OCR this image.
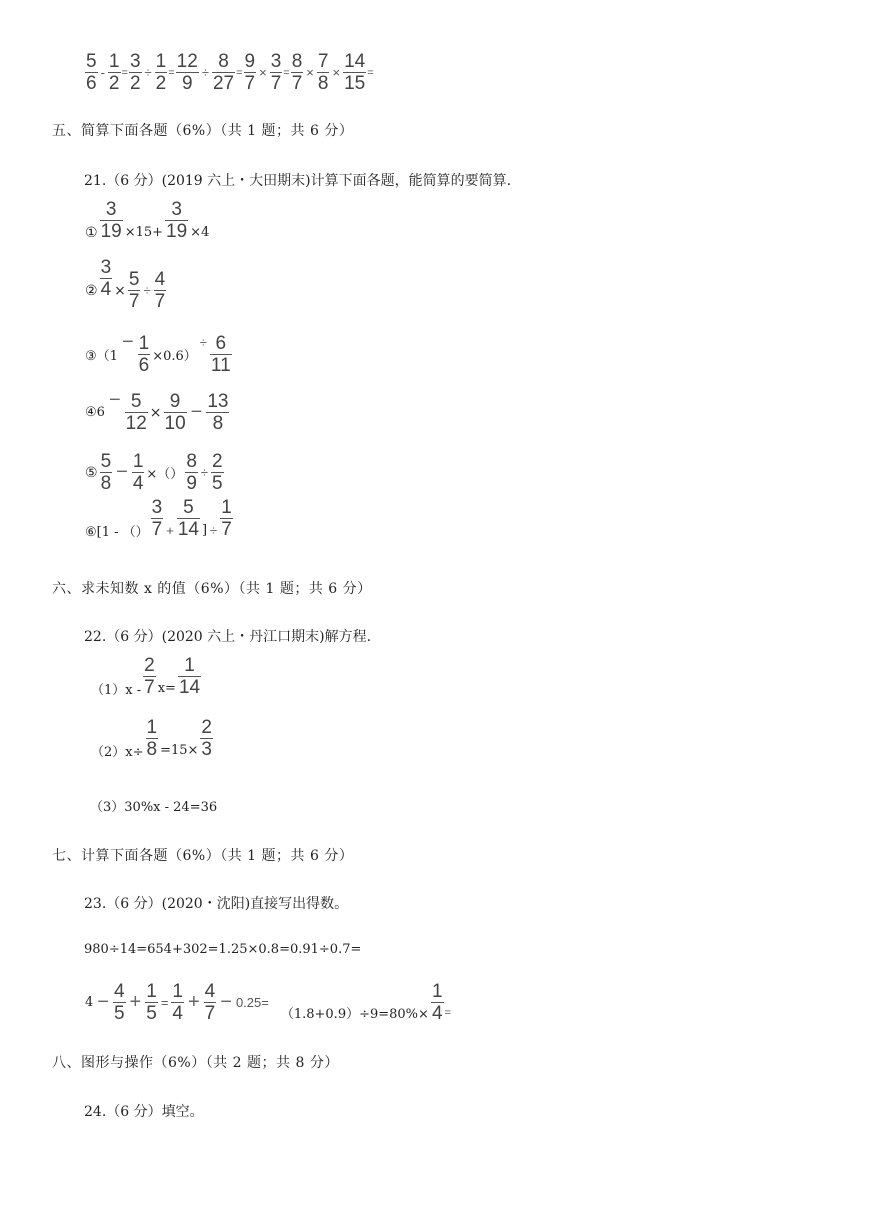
$\frac{5}{6} - \frac{1}{2} = \frac{3}{2} \div \frac{1}{2} = \frac{12}{9} \div \frac{8}{27} = \frac{9}{7} \times \frac{3}{7} = \frac{8}{7} \times \frac{7}{8} \times \frac{14}{15}$ =
五、简算下面各题（6%）（共 1 题；共 6 分）
21.（6 分）(2019 六上・大田期末)计算下面各题，能简算的要简算.
① $\frac{3}{19} \times 15+ \frac{3}{19} \times 4$
② $\frac{3}{4} \times \frac{5}{7} \div \frac{4}{7}$
③（1
− $\frac{1}{6} \times 0.6$）
÷ $\frac{6}{11}$
④6
− $\frac{5}{12} \times \frac{9}{10} - \frac{13}{8}$
⑤ $\frac{5}{8} - \frac{1}{4}$ ×（） $\frac{8}{9} \div \frac{2}{5}$
⑥[1 - （） $\frac{3}{7} + \frac{5}{14}$ ] ÷ $\frac{1}{7}$
六、求未知数 x 的值（6%）（共 1 题；共 6 分）
22.（6 分）(2020 六上・丹江口期末)解方程.
$(1)x - \frac{2}{7} x= \frac{1}{14}$
$(2)x\div \frac{1}{8} =15\times \frac{2}{3}$
（3）30%x - 24=36
七、计算下面各题（6%）（共 1 题；共 6 分）
23.（6 分）(2020・沈阳)直接写出得数。
980÷14=654+302=1.25×0.8=0.91÷0.7=
$4 - \frac{4}{5} + \frac{1}{5} = \frac{1}{4} + \frac{4}{7} - 0.25=$
$(1.8+0.9)\div 9=80\%\times \frac{1}{4}$ =
八、图形与操作（6%）（共 2 题；共 8 分）
24.（6 分）填空。
